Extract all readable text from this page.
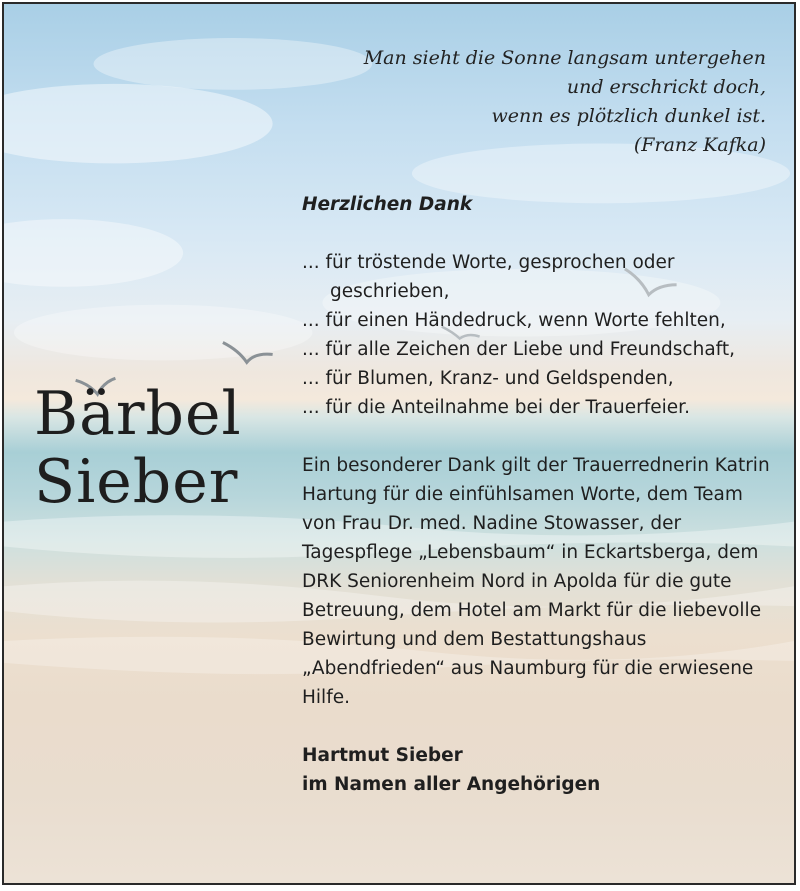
Man sieht die Sonne langsam untergehen
und erschrickt doch,
wenn es plötzlich dunkel ist.
(Franz Kafka)

Bärbel
Sieber

Herzlichen Dank

... für tröstende Worte, gesprochen oder geschrieben,
... für einen Händedruck, wenn Worte fehlten,
... für alle Zeichen der Liebe und Freundschaft,
... für Blumen, Kranz- und Geldspenden,
... für die Anteilnahme bei der Trauerfeier.

Ein besonderer Dank gilt der Trauerrednerin Katrin Hartung für die einfühlsamen Worte, dem Team von Frau Dr. med. Nadine Stowasser, der Tagespflege „Lebensbaum“ in Eckartsberga, dem DRK Seniorenheim Nord in Apolda für die gute Betreuung, dem Hotel am Markt für die liebevolle Bewirtung und dem Bestattungshaus „Abendfrieden“ aus Naumburg für die erwiesene Hilfe.

Hartmut Sieber
im Namen aller Angehörigen
